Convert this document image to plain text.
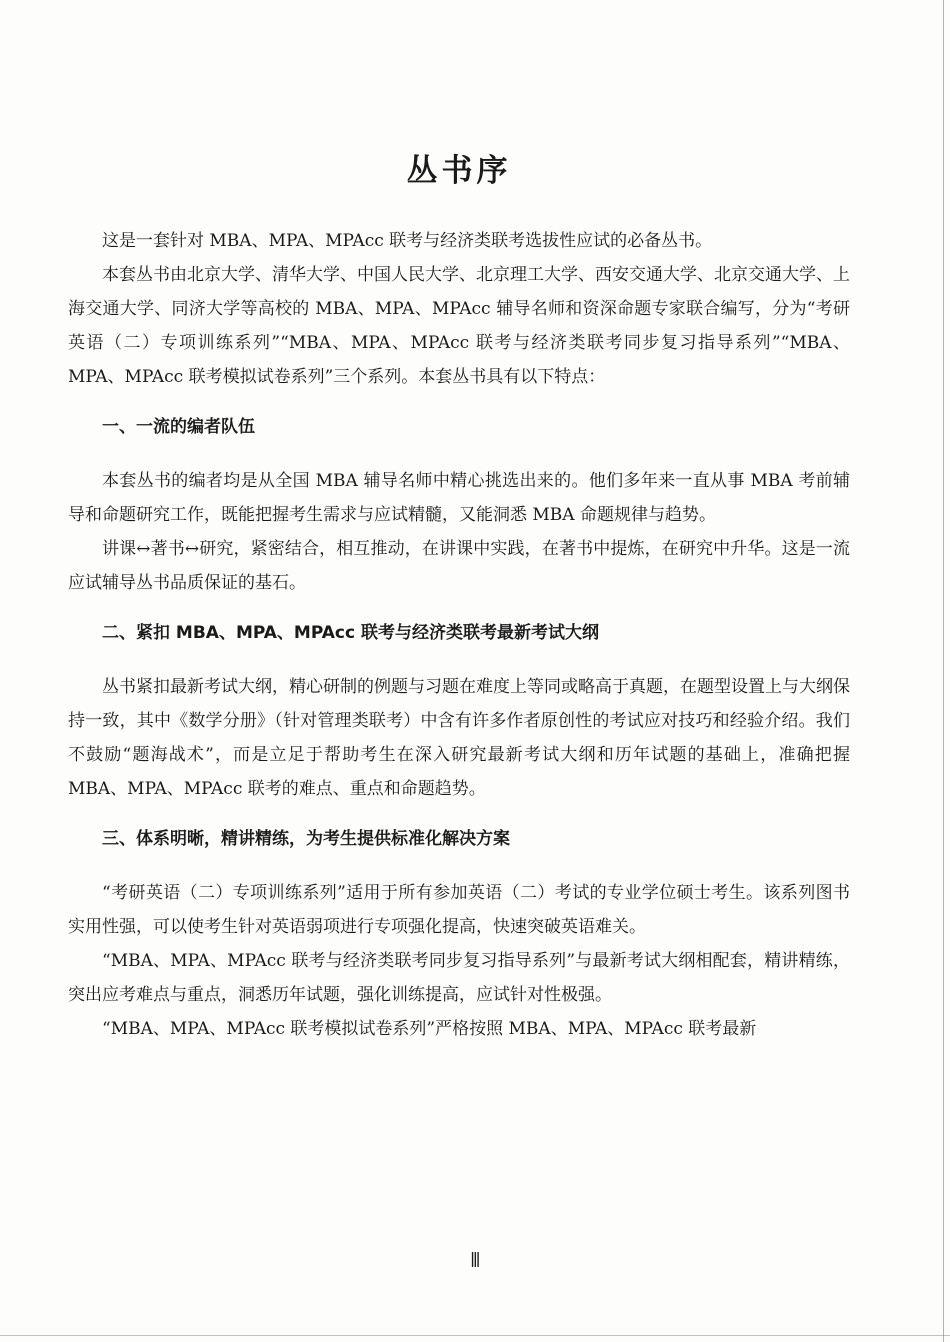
丛书序

这是一套针对 MBA、MPA、MPAcc 联考与经济类联考选拔性应试的必备丛书。

本套丛书由北京大学、清华大学、中国人民大学、北京理工大学、西安交通大学、北京交通大学、上海交通大学、同济大学等高校的 MBA、MPA、MPAcc 辅导名师和资深命题专家联合编写，分为“考研英语（二）专项训练系列”“MBA、MPA、MPAcc 联考与经济类联考同步复习指导系列”“MBA、MPA、MPAcc 联考模拟试卷系列”三个系列。本套丛书具有以下特点：

一、一流的编者队伍

本套丛书的编者均是从全国 MBA 辅导名师中精心挑选出来的。他们多年来一直从事 MBA 考前辅导和命题研究工作，既能把握考生需求与应试精髓，又能洞悉 MBA 命题规律与趋势。

讲课↔著书↔研究，紧密结合，相互推动，在讲课中实践，在著书中提炼，在研究中升华。这是一流应试辅导丛书品质保证的基石。

二、紧扣 MBA、MPA、MPAcc 联考与经济类联考最新考试大纲

丛书紧扣最新考试大纲，精心研制的例题与习题在难度上等同或略高于真题，在题型设置上与大纲保持一致，其中《数学分册》（针对管理类联考）中含有许多作者原创性的考试应对技巧和经验介绍。我们不鼓励“题海战术”，而是立足于帮助考生在深入研究最新考试大纲和历年试题的基础上，准确把握 MBA、MPA、MPAcc 联考的难点、重点和命题趋势。

三、体系明晰，精讲精练，为考生提供标准化解决方案

“考研英语（二）专项训练系列”适用于所有参加英语（二）考试的专业学位硕士考生。该系列图书实用性强，可以使考生针对英语弱项进行专项强化提高，快速突破英语难关。

“MBA、MPA、MPAcc 联考与经济类联考同步复习指导系列”与最新考试大纲相配套，精讲精练，突出应考难点与重点，洞悉历年试题，强化训练提高，应试针对性极强。

“MBA、MPA、MPAcc 联考模拟试卷系列”严格按照 MBA、MPA、MPAcc 联考最新

Ⅲ
